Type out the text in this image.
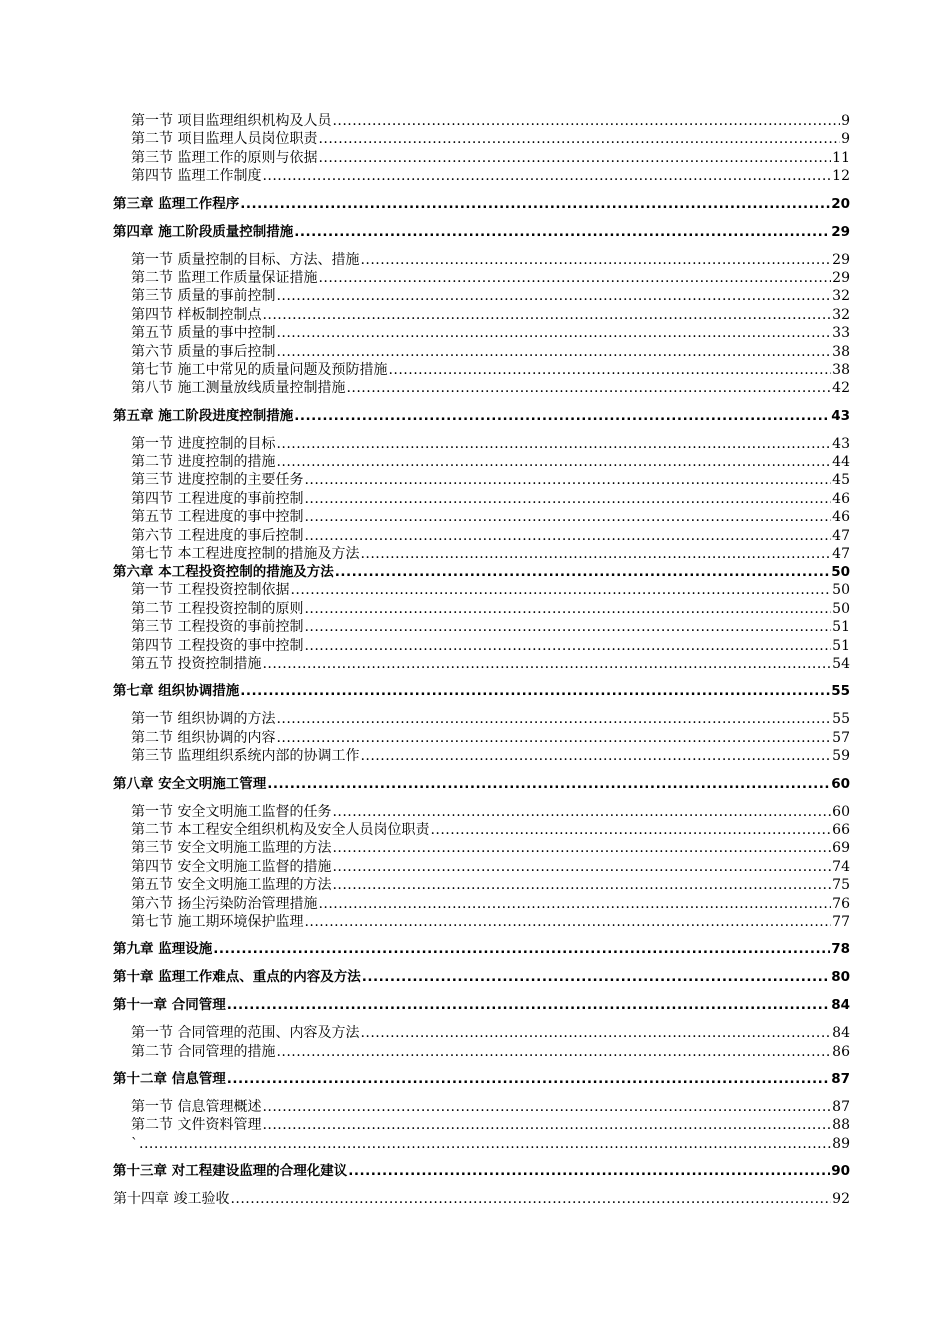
第一节 项目监理组织机构及人员 .....	9
第二节 项目监理人员岗位职责 .....	9
第三节 监理工作的原则与依据 .....	11
第四节 监理工作制度 .....	12
第三章 监理工作程序 .....	20
第四章 施工阶段质量控制措施 .....	29
第一节 质量控制的目标、方法、措施 .....	29
第二节 监理工作质量保证措施 .....	29
第三节 质量的事前控制 .....	32
第四节 样板制控制点 .....	32
第五节 质量的事中控制 .....	33
第六节 质量的事后控制 .....	38
第七节 施工中常见的质量问题及预防措施 .....	38
第八节 施工测量放线质量控制措施 .....	42
第五章 施工阶段进度控制措施 .....	43
第一节 进度控制的目标 .....	43
第二节 进度控制的措施 .....	44
第三节 进度控制的主要任务 .....	45
第四节 工程进度的事前控制 .....	46
第五节 工程进度的事中控制 .....	46
第六节 工程进度的事后控制 .....	47
第七节 本工程进度控制的措施及方法 .....	47
第六章 本工程投资控制的措施及方法 .....	50
第一节 工程投资控制依据 .....	50
第二节 工程投资控制的原则 .....	50
第三节 工程投资的事前控制 .....	51
第四节 工程投资的事中控制 .....	51
第五节 投资控制措施 .....	54
第七章 组织协调措施 .....	55
第一节 组织协调的方法 .....	55
第二节 组织协调的内容 .....	57
第三节 监理组织系统内部的协调工作 .....	59
第八章 安全文明施工管理 .....	60
第一节 安全文明施工监督的任务 .....	60
第二节 本工程安全组织机构及安全人员岗位职责 .....	66
第三节 安全文明施工监理的方法 .....	69
第四节 安全文明施工监督的措施 .....	74
第五节 安全文明施工监理的方法 .....	75
第六节 扬尘污染防治管理措施 .....	76
第七节 施工期环境保护监理 .....	77
第九章 监理设施 .....	78
第十章 监理工作难点、重点的内容及方法 .....	80
第十一章 合同管理 .....	84
第一节 合同管理的范围、内容及方法 .....	84
第二节 合同管理的措施 .....	86
第十二章 信息管理 .....	87
第一节 信息管理概述 .....	87
第二节 文件资料管理 .....	88
` .....	89
第十三章 对工程建设监理的合理化建议 .....	90
第十四章 竣工验收 .....	92
